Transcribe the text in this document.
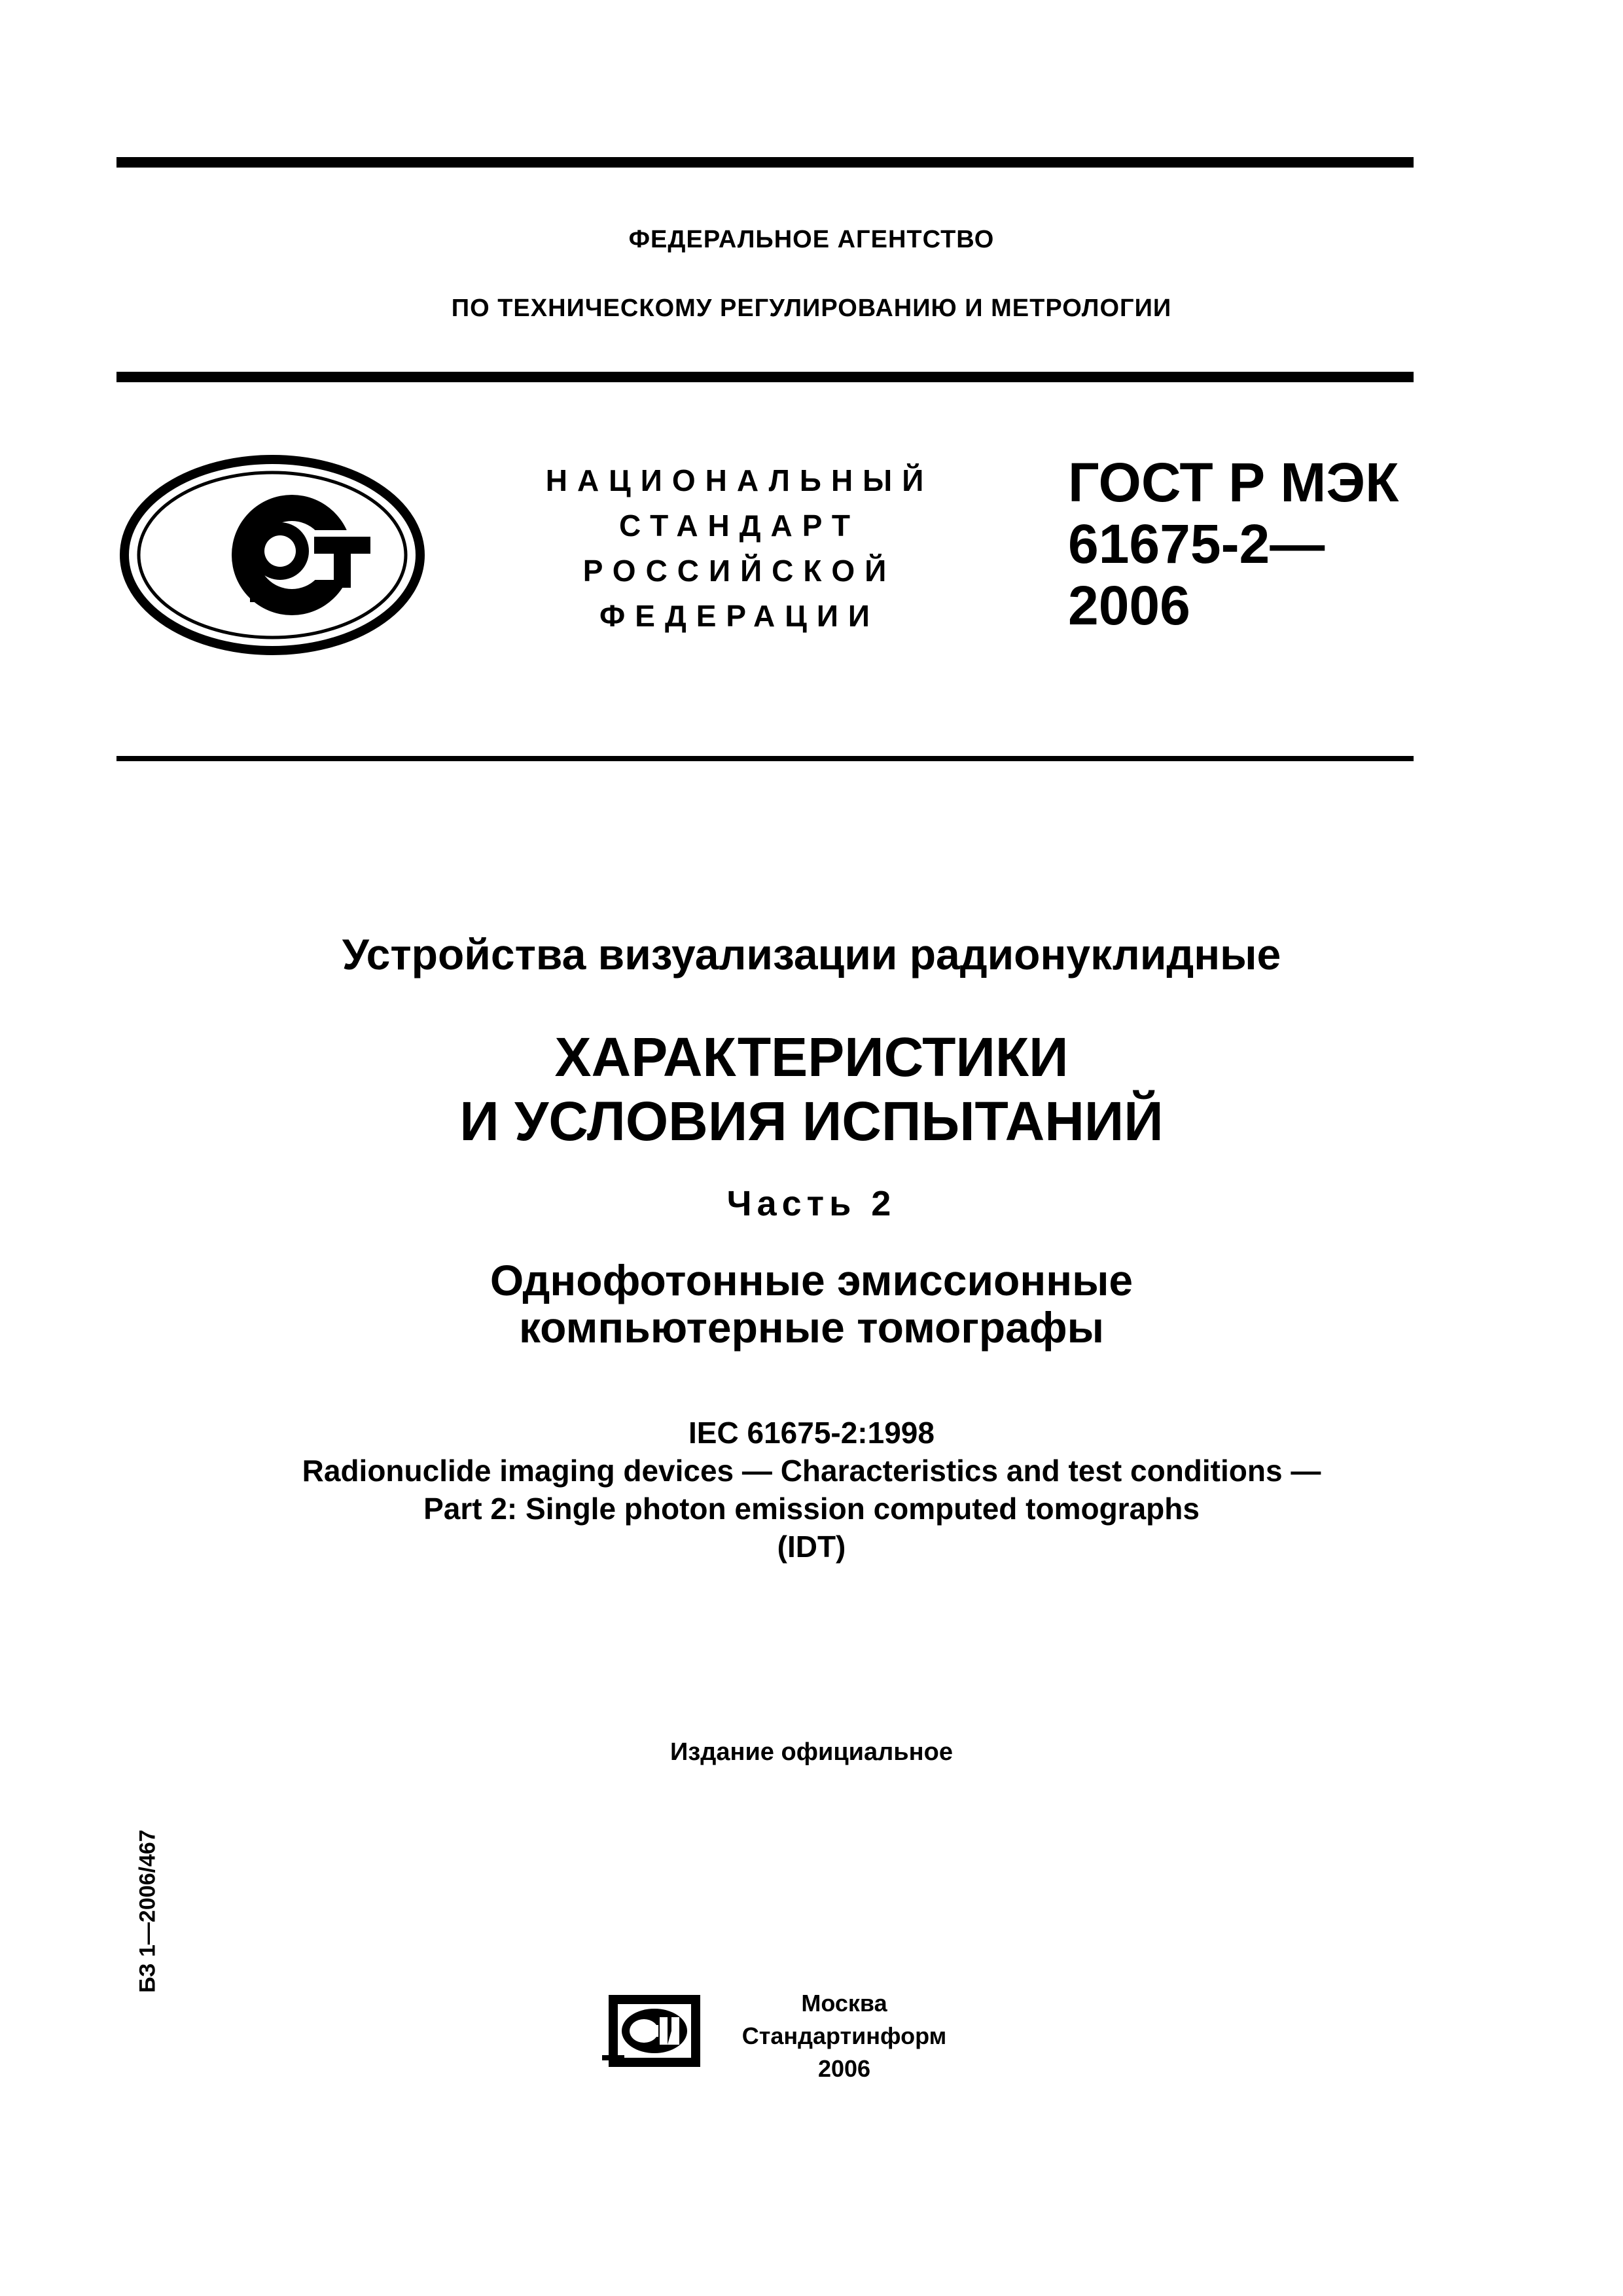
ФЕДЕРАЛЬНОЕ АГЕНТСТВО
ПО ТЕХНИЧЕСКОМУ РЕГУЛИРОВАНИЮ И МЕТРОЛОГИИ
НАЦИОНАЛЬНЫЙ
СТАНДАРТ
РОССИЙСКОЙ
ФЕДЕРАЦИИ
ГОСТ Р МЭК
61675-2—
2006
Устройства визуализации радионуклидные
ХАРАКТЕРИСТИКИ
И УСЛОВИЯ ИСПЫТАНИЙ
Часть 2
Однофотонные эмиссионные
компьютерные томографы
IEC 61675-2:1998
Radionuclide imaging devices — Characteristics and test conditions —
Part 2: Single photon emission computed tomographs
(IDT)
Издание официальное
БЗ 1—2006/467
Москва
Стандартинформ
2006
